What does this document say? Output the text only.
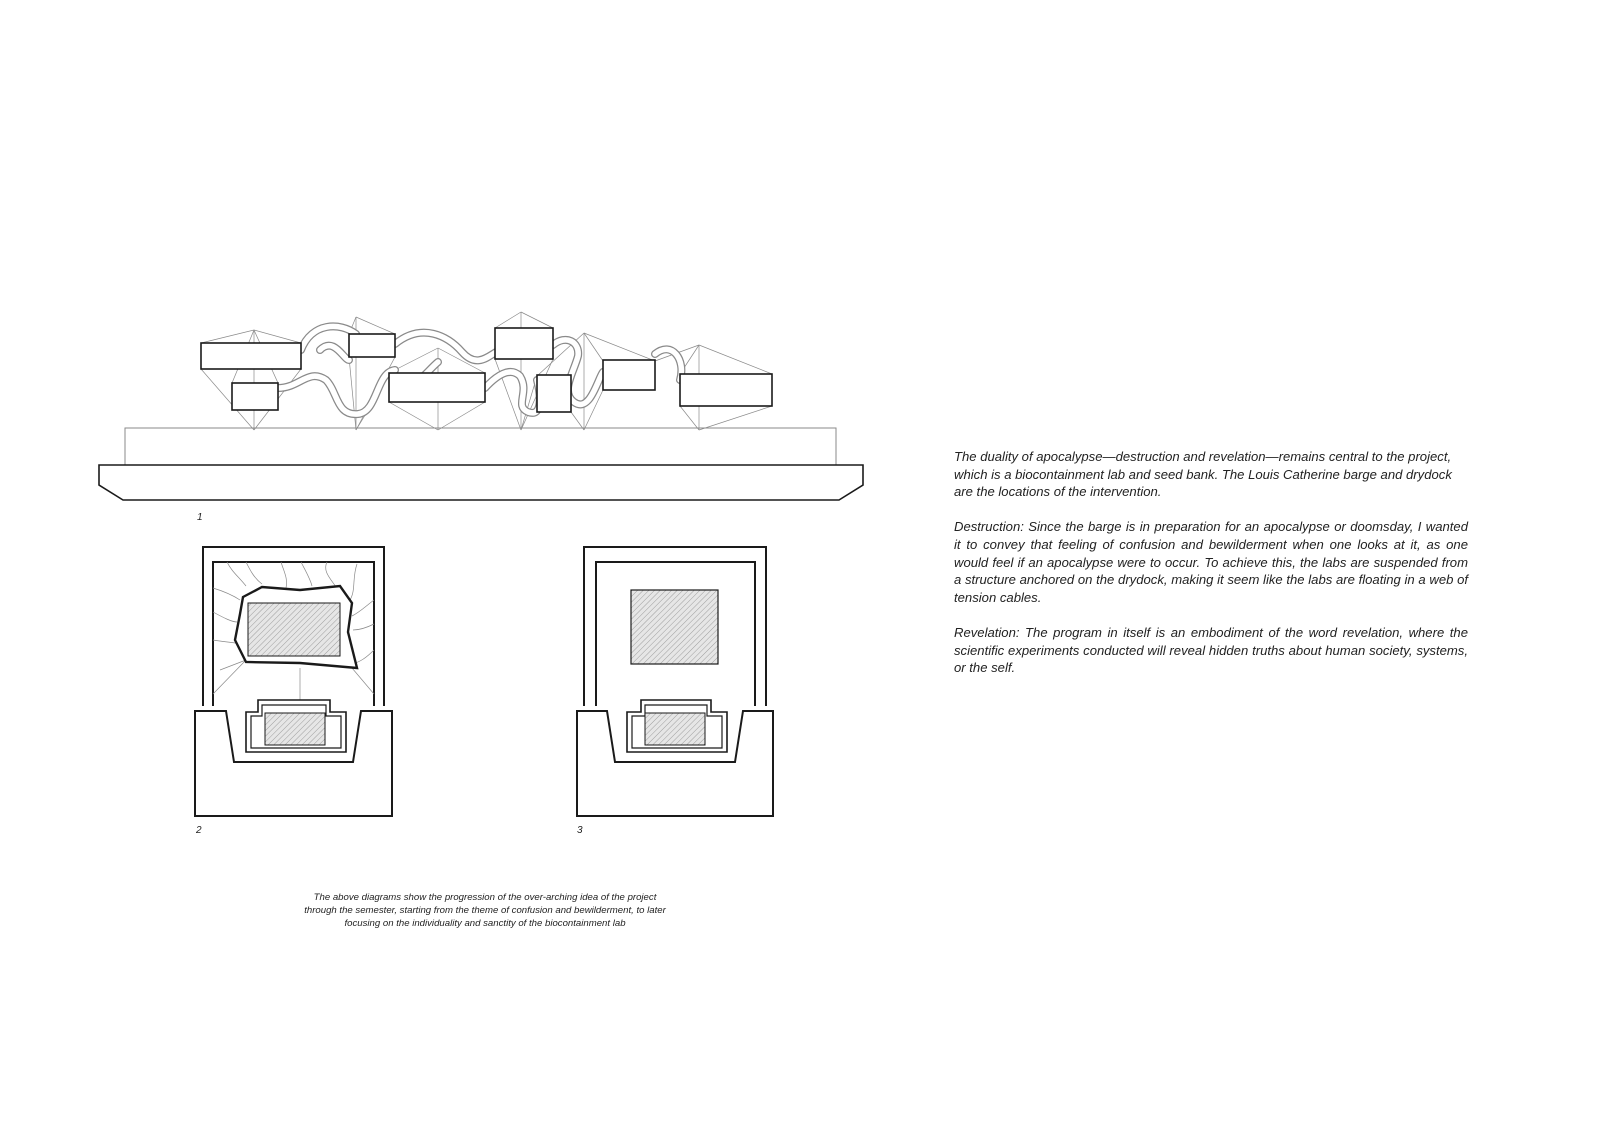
1
2	3
The above diagrams show the progression of the over-arching idea of the project
through the semester, starting from the theme of confusion and bewilderment, to later
focusing on the individuality and sanctity of the biocontainment lab

The duality of apocalypse—destruction and revelation—remains central to the project, which is a biocontainment lab and seed bank. The Louis Catherine barge and drydock are the locations of the intervention.

Destruction: Since the barge is in preparation for an apocalypse or doomsday, I wanted it to convey that feeling of confusion and bewilderment when one looks at it, as one would feel if an apocalypse were to occur. To achieve this, the labs are suspended from a structure anchored on the drydock, making it seem like the labs are floating in a web of tension cables.

Revelation: The program in itself is an embodiment of the word revelation, where the scientific experiments conducted will reveal hidden truths about human society, systems, or the self.
